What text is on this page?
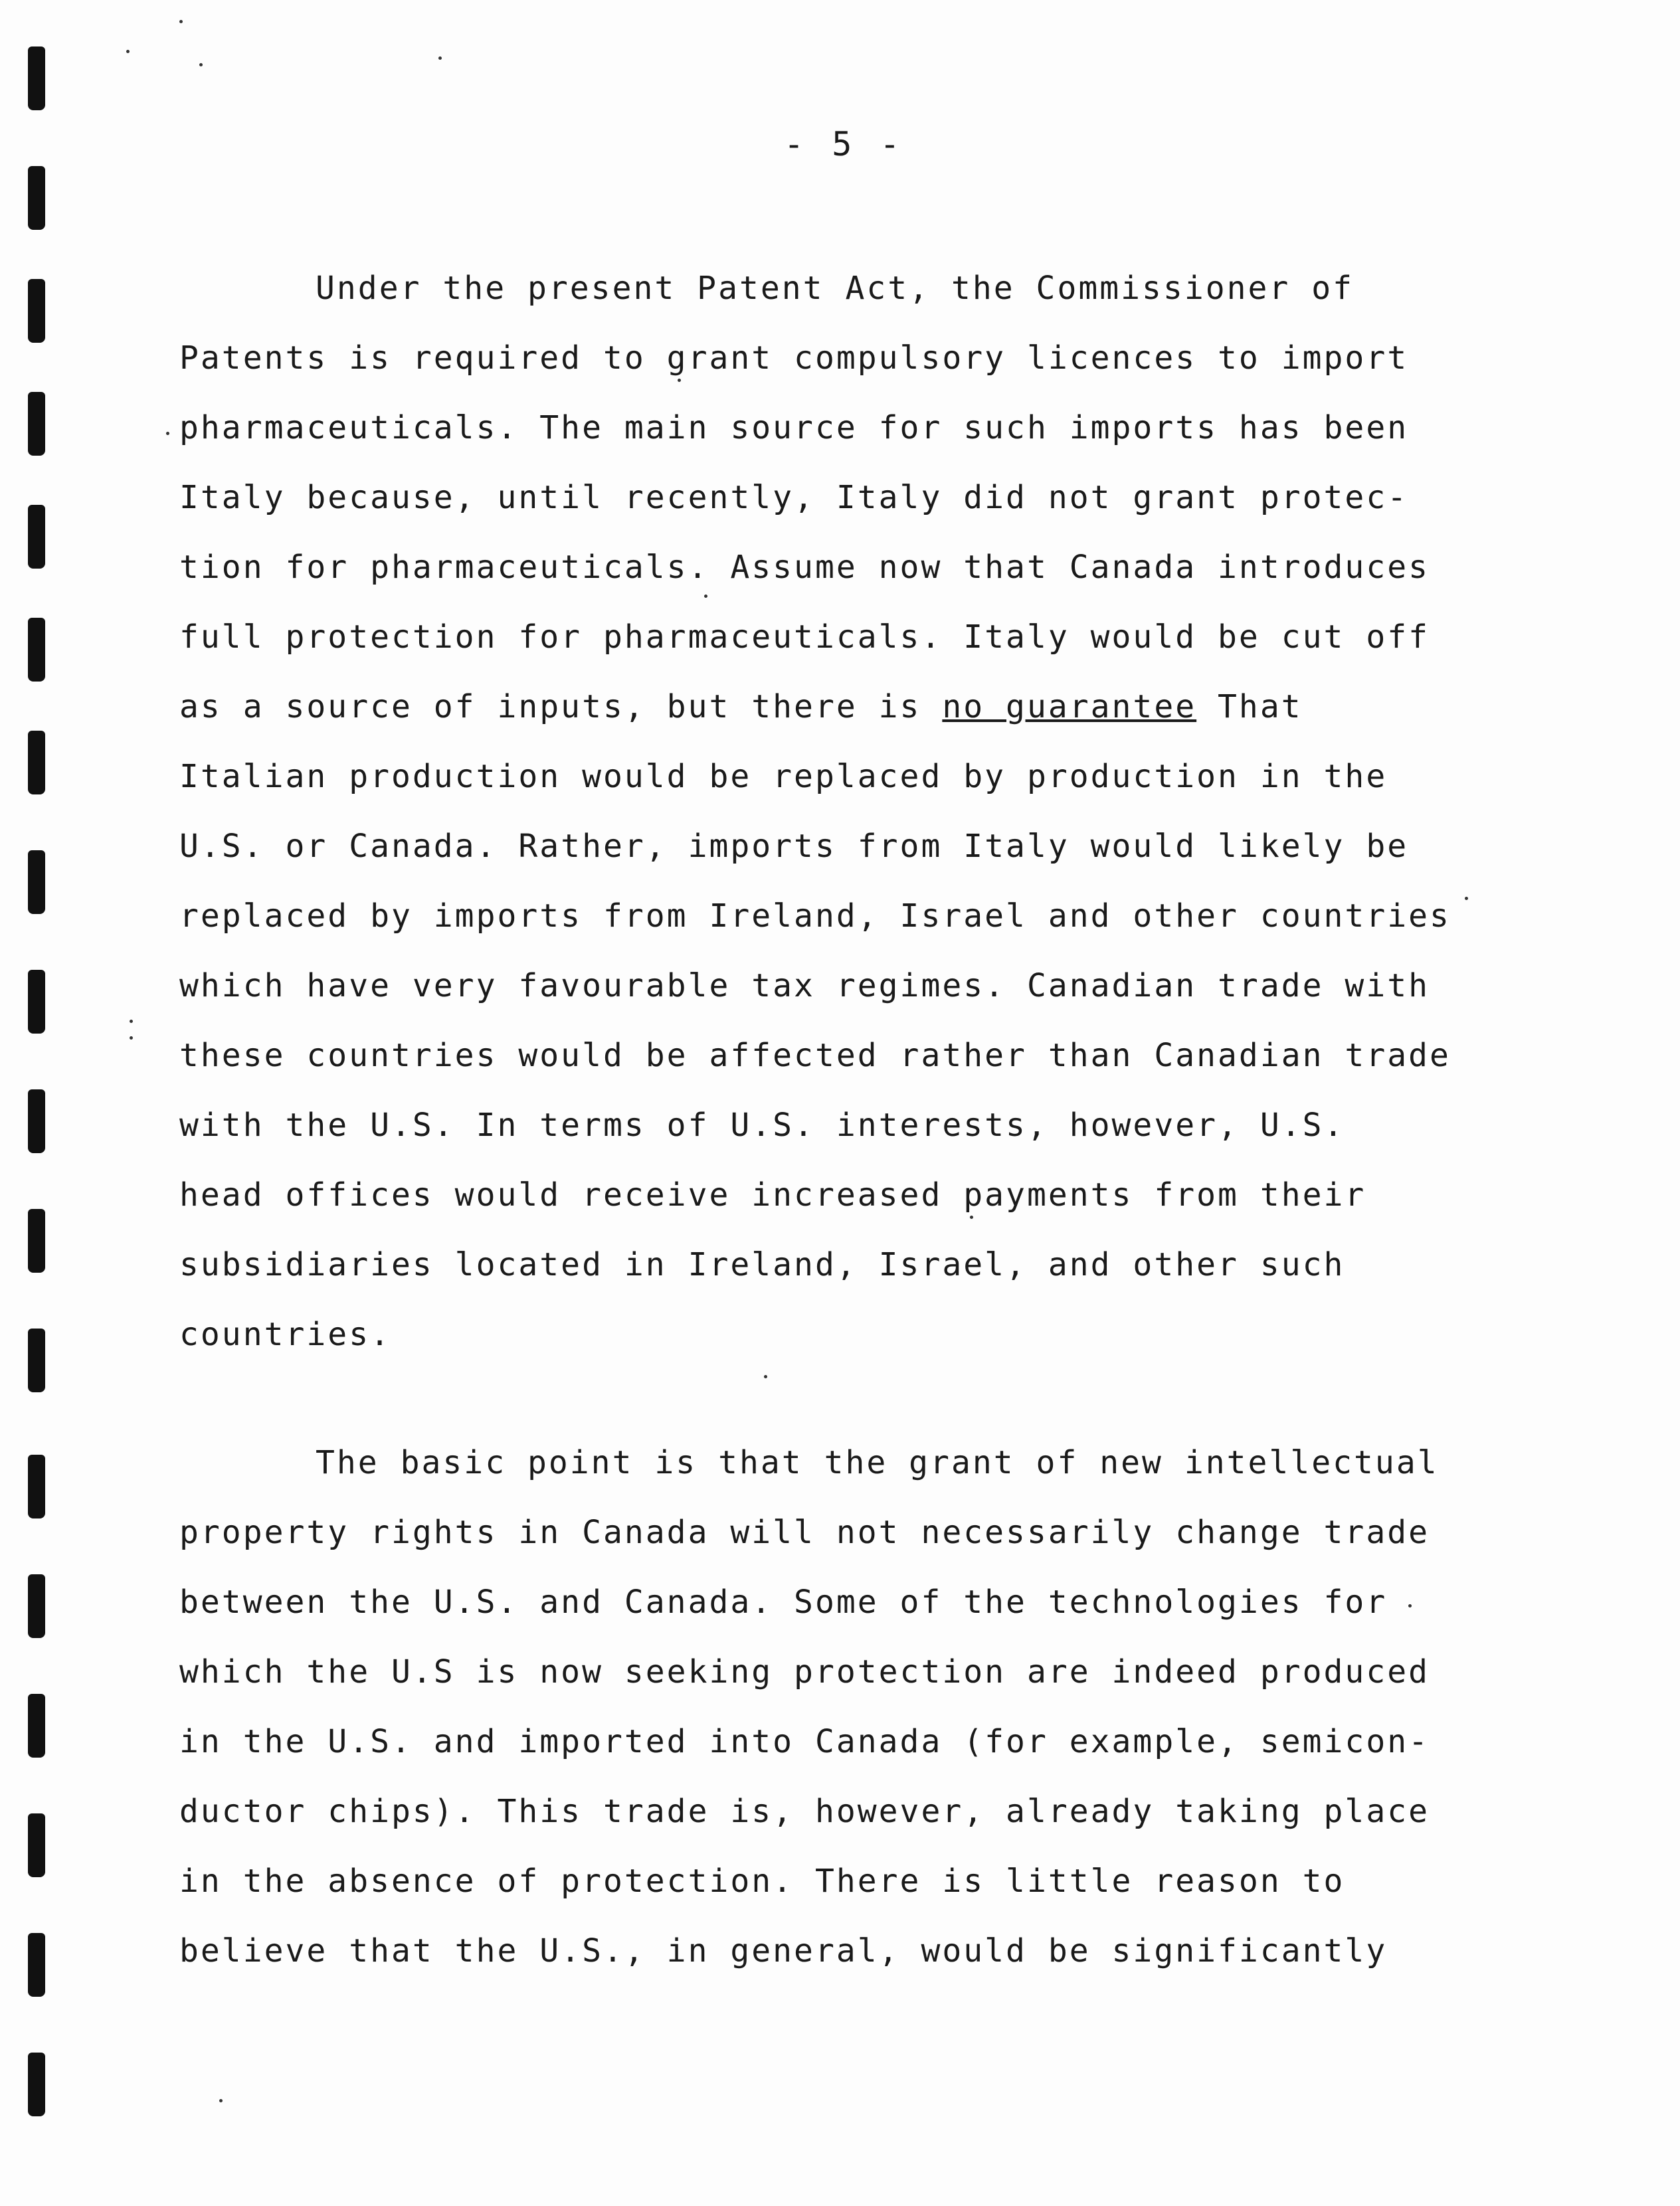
- 5 -
Under the present Patent Act, the Commissioner of
Patents is required to grant compulsory licences to import
pharmaceuticals. The main source for such imports has been
Italy because, until recently, Italy did not grant protec-
tion for pharmaceuticals. Assume now that Canada introduces
full protection for pharmaceuticals. Italy would be cut off
as a source of inputs, but there is no guarantee That
Italian production would be replaced by production in the
U.S. or Canada. Rather, imports from Italy would likely be
replaced by imports from Ireland, Israel and other countries
which have very favourable tax regimes. Canadian trade with
these countries would be affected rather than Canadian trade
with the U.S. In terms of U.S. interests, however, U.S.
head offices would receive increased payments from their
subsidiaries located in Ireland, Israel, and other such
countries.
The basic point is that the grant of new intellectual
property rights in Canada will not necessarily change trade
between the U.S. and Canada. Some of the technologies for
which the U.S is now seeking protection are indeed produced
in the U.S. and imported into Canada (for example, semicon-
ductor chips). This trade is, however, already taking place
in the absence of protection. There is little reason to
believe that the U.S., in general, would be significantly
